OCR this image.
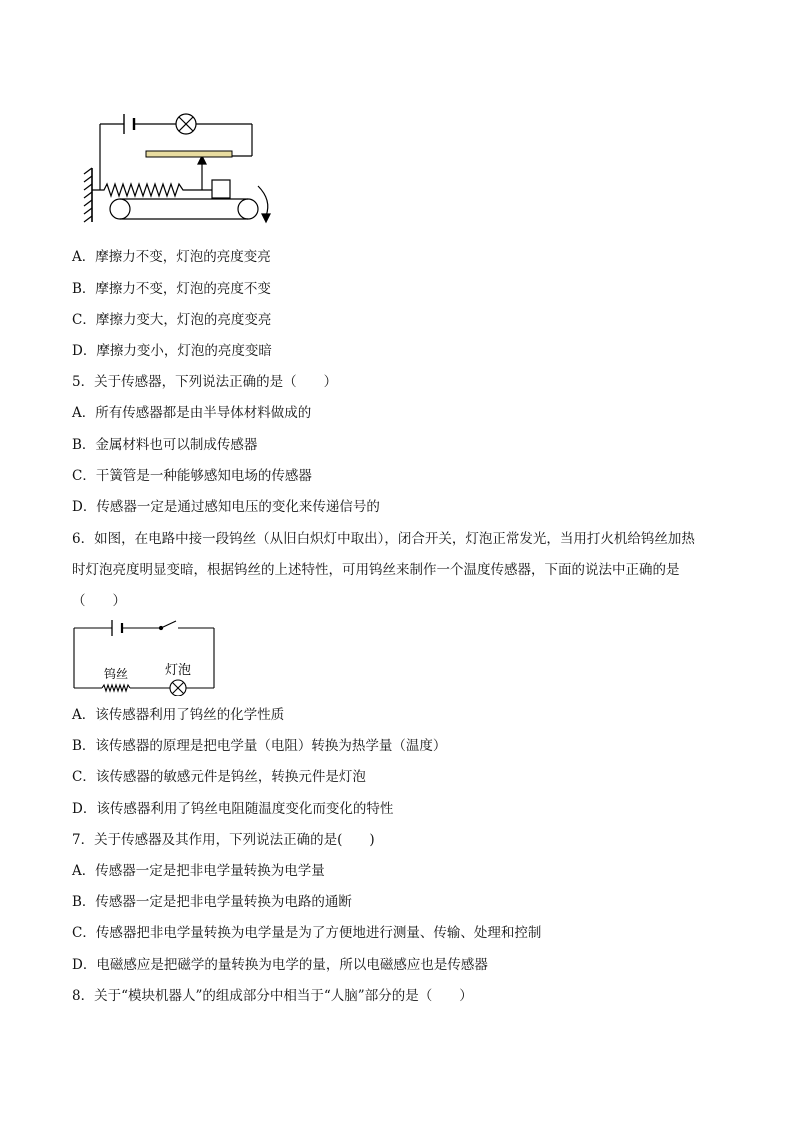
A．摩擦力不变，灯泡的亮度变亮
B．摩擦力不变，灯泡的亮度不变
C．摩擦力变大，灯泡的亮度变亮
D．摩擦力变小，灯泡的亮度变暗
5．关于传感器，下列说法正确的是（　　）
A．所有传感器都是由半导体材料做成的
B．金属材料也可以制成传感器
C．干簧管是一种能够感知电场的传感器
D．传感器一定是通过感知电压的变化来传递信号的
6．如图，在电路中接一段钨丝（从旧白炽灯中取出），闭合开关，灯泡正常发光，当用打火机给钨丝加热
时灯泡亮度明显变暗，根据钨丝的上述特性，可用钨丝来制作一个温度传感器，下面的说法中正确的是
（　　）
钨丝	灯泡
A．该传感器利用了钨丝的化学性质
B．该传感器的原理是把电学量（电阻）转换为热学量（温度）
C．该传感器的敏感元件是钨丝，转换元件是灯泡
D．该传感器利用了钨丝电阻随温度变化而变化的特性
7．关于传感器及其作用，下列说法正确的是(　　)
A．传感器一定是把非电学量转换为电学量
B．传感器一定是把非电学量转换为电路的通断
C．传感器把非电学量转换为电学量是为了方便地进行测量、传输、处理和控制
D．电磁感应是把磁学的量转换为电学的量，所以电磁感应也是传感器
8．关于“模块机器人”的组成部分中相当于“人脑”部分的是（　　）
